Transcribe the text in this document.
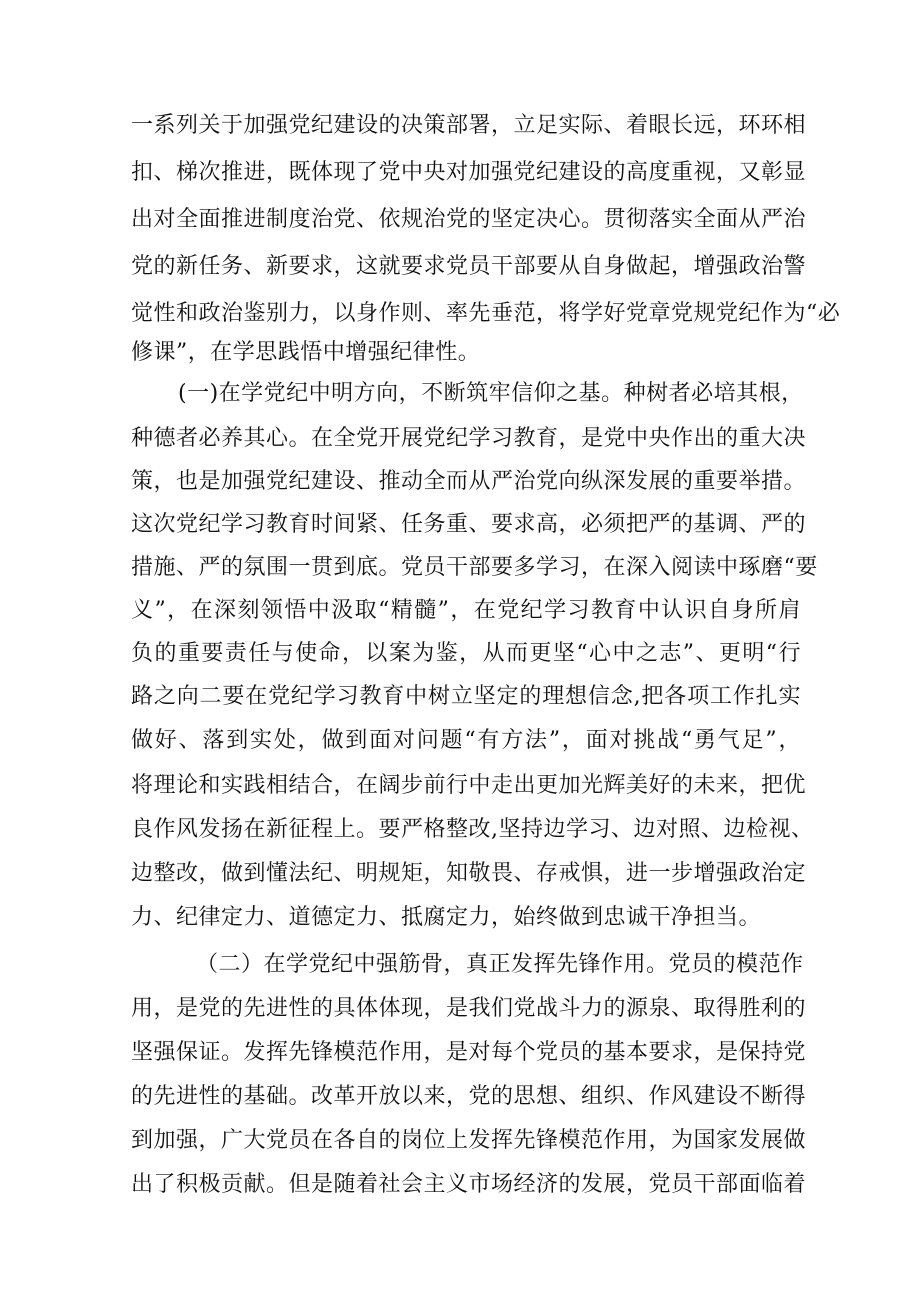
一系列关于加强党纪建设的决策部署，立足实际、着眼长远，环环相
扣、梯次推进，既体现了党中央对加强党纪建设的高度重视，又彰显
出对全面推进制度治党、依规治党的坚定决心。贯彻落实全面从严治
党的新任务、新要求，这就要求党员干部要从自身做起，增强政治警
觉性和政治鉴别力，以身作则、率先垂范，将学好党章党规党纪作为“必
修课”，在学思践悟中增强纪律性。
(一)在学党纪中明方向，不断筑牢信仰之基。种树者必培其根，
种德者必养其心。在全党开展党纪学习教育，是党中央作出的重大决
策，也是加强党纪建设、推动全而从严治党向纵深发展的重要举措。
这次党纪学习教育时间紧、任务重、要求高，必须把严的基调、严的
措施、严的氛围一贯到底。党员干部要多学习，在深入阅读中琢磨“要
义”，在深刻领悟中汲取“精髓”，在党纪学习教育中认识自身所肩
负的重要责任与使命，以案为鉴，从而更坚“心中之志”、更明“行
路之向二要在党纪学习教育中树立坚定的理想信念,把各项工作扎实
做好、落到实处，做到面对问题“有方法”，面对挑战“勇气足”，
将理论和实践相结合，在阔步前行中走出更加光辉美好的未来，把优
良作风发扬在新征程上。要严格整改,坚持边学习、边对照、边检视、
边整改，做到懂法纪、明规矩，知敬畏、存戒惧，进一步增强政治定
力、纪律定力、道德定力、抵腐定力，始终做到忠诚干净担当。
（二）在学党纪中强筋骨，真正发挥先锋作用。党员的模范作
用，是党的先进性的具体体现，是我们党战斗力的源泉、取得胜利的
坚强保证。发挥先锋模范作用，是对每个党员的基本要求，是保持党
的先进性的基础。改革开放以来，党的思想、组织、作风建设不断得
到加强，广大党员在各自的岗位上发挥先锋模范作用，为国家发展做
出了积极贡献。但是随着社会主义市场经济的发展，党员干部面临着
